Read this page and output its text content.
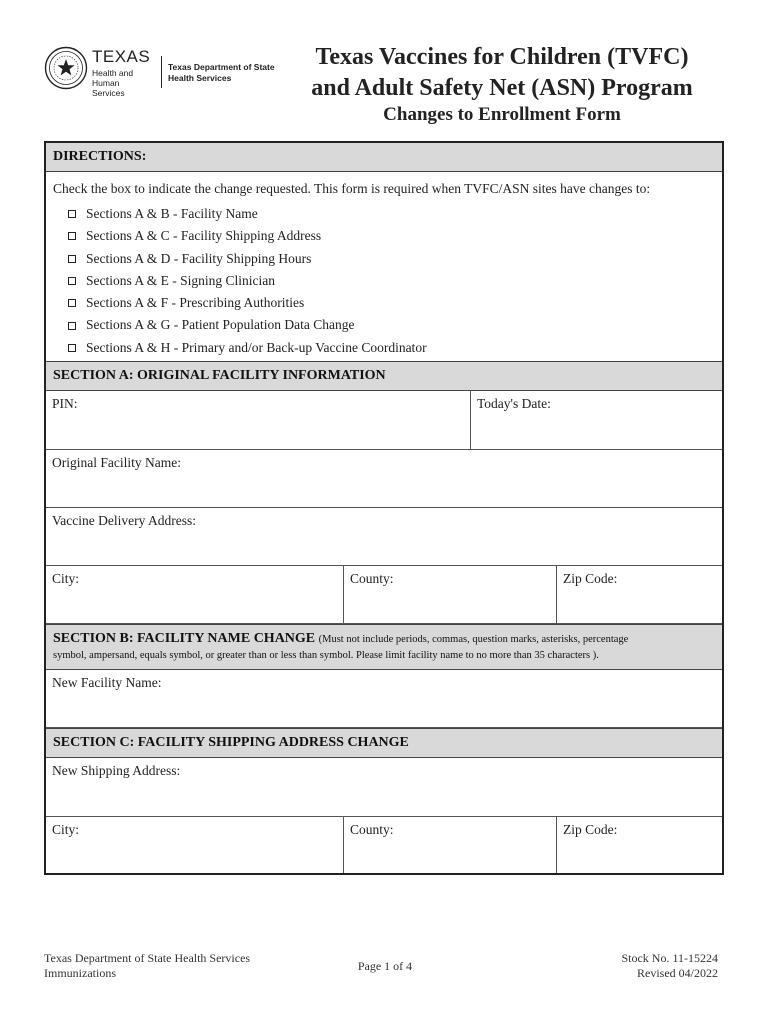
TEXAS
Health and Human
Services
Texas Department of State
Health Services
Texas Vaccines for Children (TVFC)
and Adult Safety Net (ASN) Program
Changes to Enrollment Form
DIRECTIONS:
Check the box to indicate the change requested. This form is required when TVFC/ASN sites have changes to:
Sections A & B - Facility Name
Sections A & C - Facility Shipping Address
Sections A & D - Facility Shipping Hours
Sections A & E - Signing Clinician
Sections A & F - Prescribing Authorities
Sections A & G - Patient Population Data Change
Sections A & H - Primary and/or Back-up Vaccine Coordinator
SECTION A: ORIGINAL FACILITY INFORMATION
PIN:	Today's Date:
Original Facility Name:
Vaccine Delivery Address:
City:	County:	Zip Code:
SECTION B: FACILITY NAME CHANGE (Must not include periods, commas, question marks, asterisks, percentage
symbol, ampersand, equals symbol, or greater than or less than symbol. Please limit facility name to no more than 35 characters ).
New Facility Name:
SECTION C: FACILITY SHIPPING ADDRESS CHANGE
New Shipping Address:
City:	County:	Zip Code:
Texas Department of State Health Services
Immunizations	Page 1 of 4
Stock No. 11-15224
Revised 04/2022
